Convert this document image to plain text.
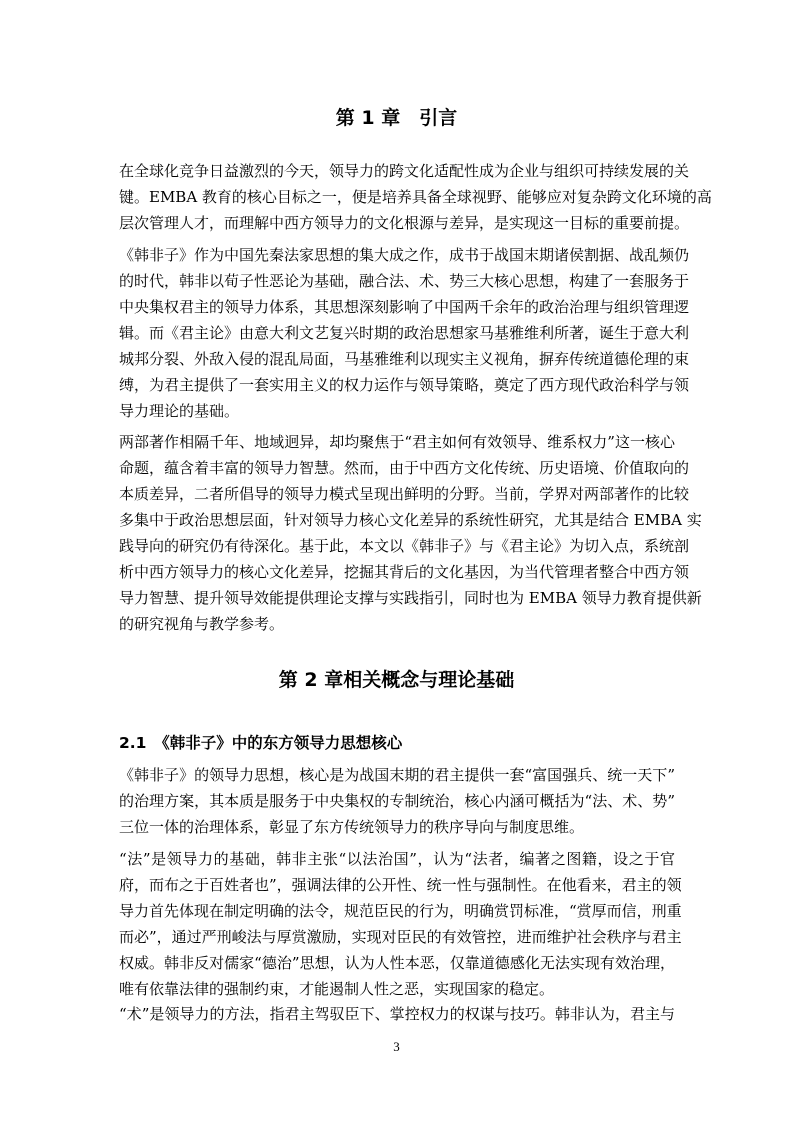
第 1 章　引言
在全球化竞争日益激烈的今天，领导力的跨文化适配性成为企业与组织可持续发展的关
键。EMBA 教育的核心目标之一，便是培养具备全球视野、能够应对复杂跨文化环境的高
层次管理人才，而理解中西方领导力的文化根源与差异，是实现这一目标的重要前提。
《韩非子》作为中国先秦法家思想的集大成之作，成书于战国末期诸侯割据、战乱频仍
的时代，韩非以荀子性恶论为基础，融合法、术、势三大核心思想，构建了一套服务于
中央集权君主的领导力体系，其思想深刻影响了中国两千余年的政治治理与组织管理逻
辑。而《君主论》由意大利文艺复兴时期的政治思想家马基雅维利所著，诞生于意大利
城邦分裂、外敌入侵的混乱局面，马基雅维利以现实主义视角，摒弃传统道德伦理的束
缚，为君主提供了一套实用主义的权力运作与领导策略，奠定了西方现代政治科学与领
导力理论的基础。
两部著作相隔千年、地域迥异，却均聚焦于“君主如何有效领导、维系权力”这一核心
命题，蕴含着丰富的领导力智慧。然而，由于中西方文化传统、历史语境、价值取向的
本质差异，二者所倡导的领导力模式呈现出鲜明的分野。当前，学界对两部著作的比较
多集中于政治思想层面，针对领导力核心文化差异的系统性研究，尤其是结合 EMBA 实
践导向的研究仍有待深化。基于此，本文以《韩非子》与《君主论》为切入点，系统剖
析中西方领导力的核心文化差异，挖掘其背后的文化基因，为当代管理者整合中西方领
导力智慧、提升领导效能提供理论支撑与实践指引，同时也为 EMBA 领导力教育提供新
的研究视角与教学参考。
第 2 章相关概念与理论基础
2.1　《韩非子》中的东方领导力思想核心
《韩非子》的领导力思想，核心是为战国末期的君主提供一套“富国强兵、统一天下”
的治理方案，其本质是服务于中央集权的专制统治，核心内涵可概括为“法、术、势”
三位一体的治理体系，彰显了东方传统领导力的秩序导向与制度思维。
“法”是领导力的基础，韩非主张“以法治国”，认为“法者，编著之图籍，设之于官
府，而布之于百姓者也”，强调法律的公开性、统一性与强制性。在他看来，君主的领
导力首先体现在制定明确的法令，规范臣民的行为，明确赏罚标准，“赏厚而信，刑重
而必”，通过严刑峻法与厚赏激励，实现对臣民的有效管控，进而维护社会秩序与君主
权威。韩非反对儒家“德治”思想，认为人性本恶，仅靠道德感化无法实现有效治理，
唯有依靠法律的强制约束，才能遏制人性之恶，实现国家的稳定。
“术”是领导力的方法，指君主驾驭臣下、掌控权力的权谋与技巧。韩非认为，君主与
3
